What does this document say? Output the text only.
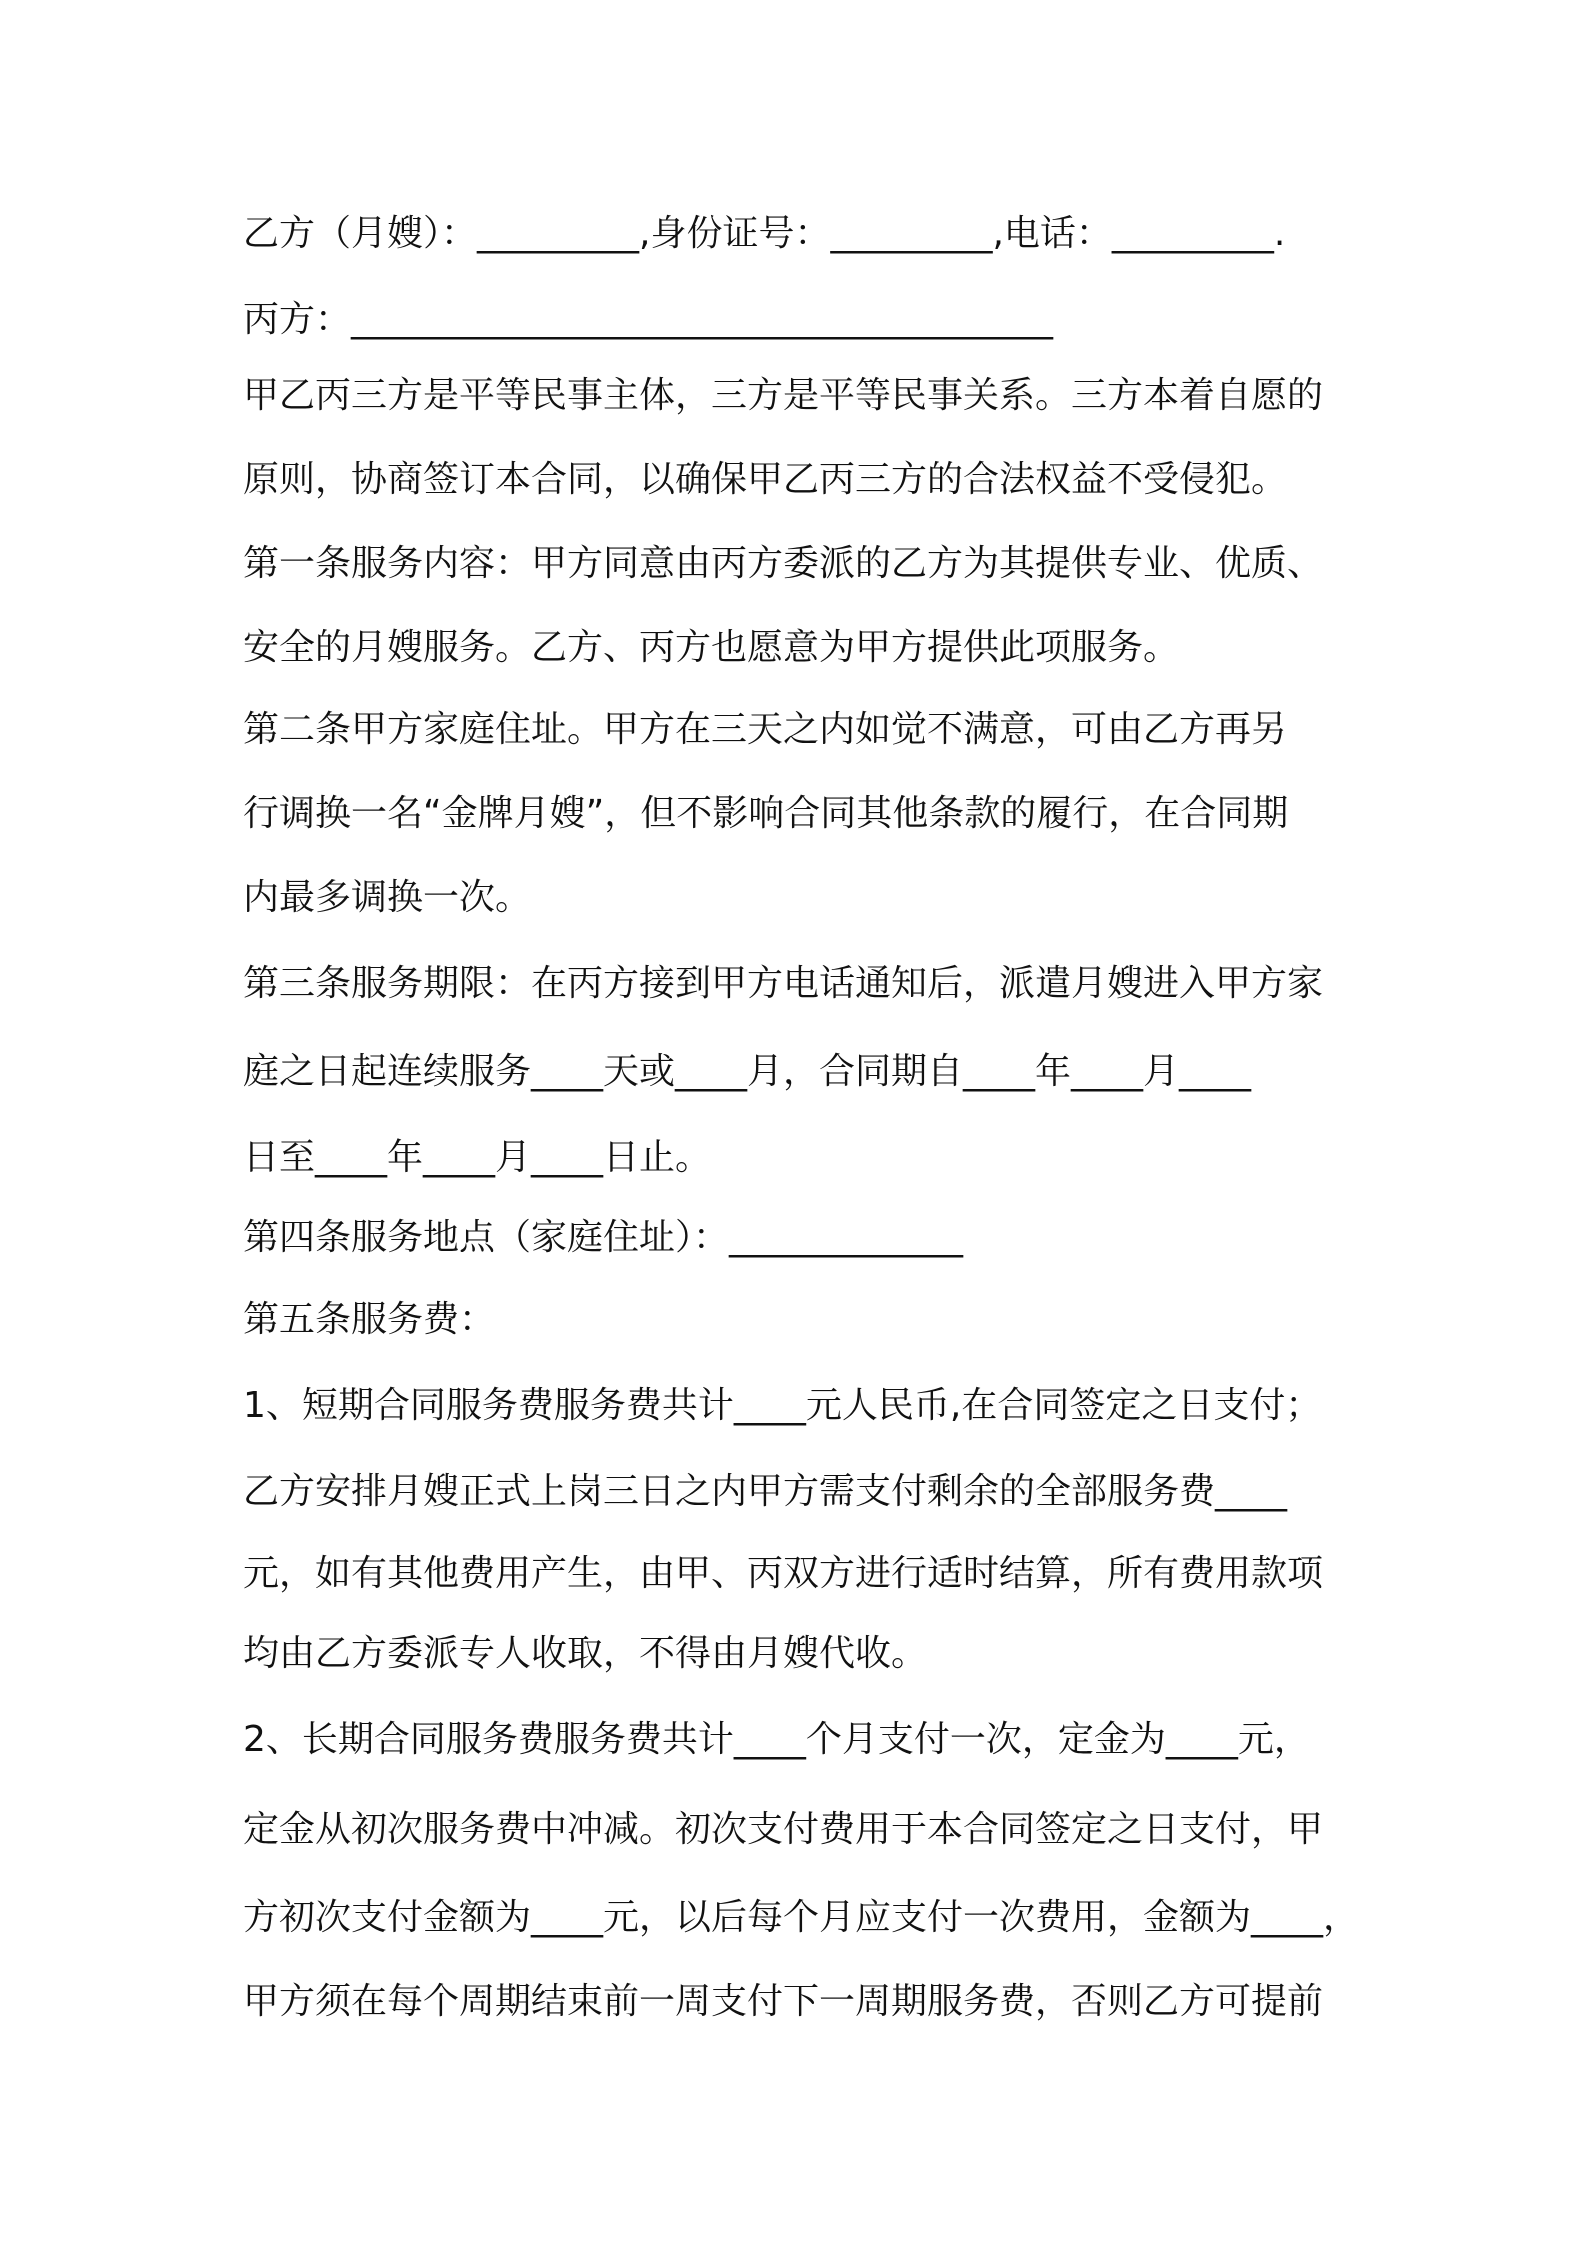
乙方（月嫂）：_________,身份证号：_________,电话：_________.

丙方：_______________________________________

甲乙丙三方是平等民事主体，三方是平等民事关系。三方本着自愿的

原则，协商签订本合同，以确保甲乙丙三方的合法权益不受侵犯。

第一条服务内容：甲方同意由丙方委派的乙方为其提供专业、优质、

安全的月嫂服务。乙方、丙方也愿意为甲方提供此项服务。

第二条甲方家庭住址。甲方在三天之内如觉不满意，可由乙方再另

行调换一名“金牌月嫂”，但不影响合同其他条款的履行，在合同期

内最多调换一次。

第三条服务期限：在丙方接到甲方电话通知后，派遣月嫂进入甲方家

庭之日起连续服务____天或____月，合同期自____年____月____

日至____年____月____日止。

第四条服务地点（家庭住址）：_____________

第五条服务费：

1、短期合同服务费服务费共计____元人民币,在合同签定之日支付；

乙方安排月嫂正式上岗三日之内甲方需支付剩余的全部服务费____

元，如有其他费用产生，由甲、丙双方进行适时结算，所有费用款项

均由乙方委派专人收取，不得由月嫂代收。

2、长期合同服务费服务费共计____个月支付一次，定金为____元，

定金从初次服务费中冲减。初次支付费用于本合同签定之日支付，甲

方初次支付金额为____元，以后每个月应支付一次费用，金额为____，

甲方须在每个周期结束前一周支付下一周期服务费，否则乙方可提前
